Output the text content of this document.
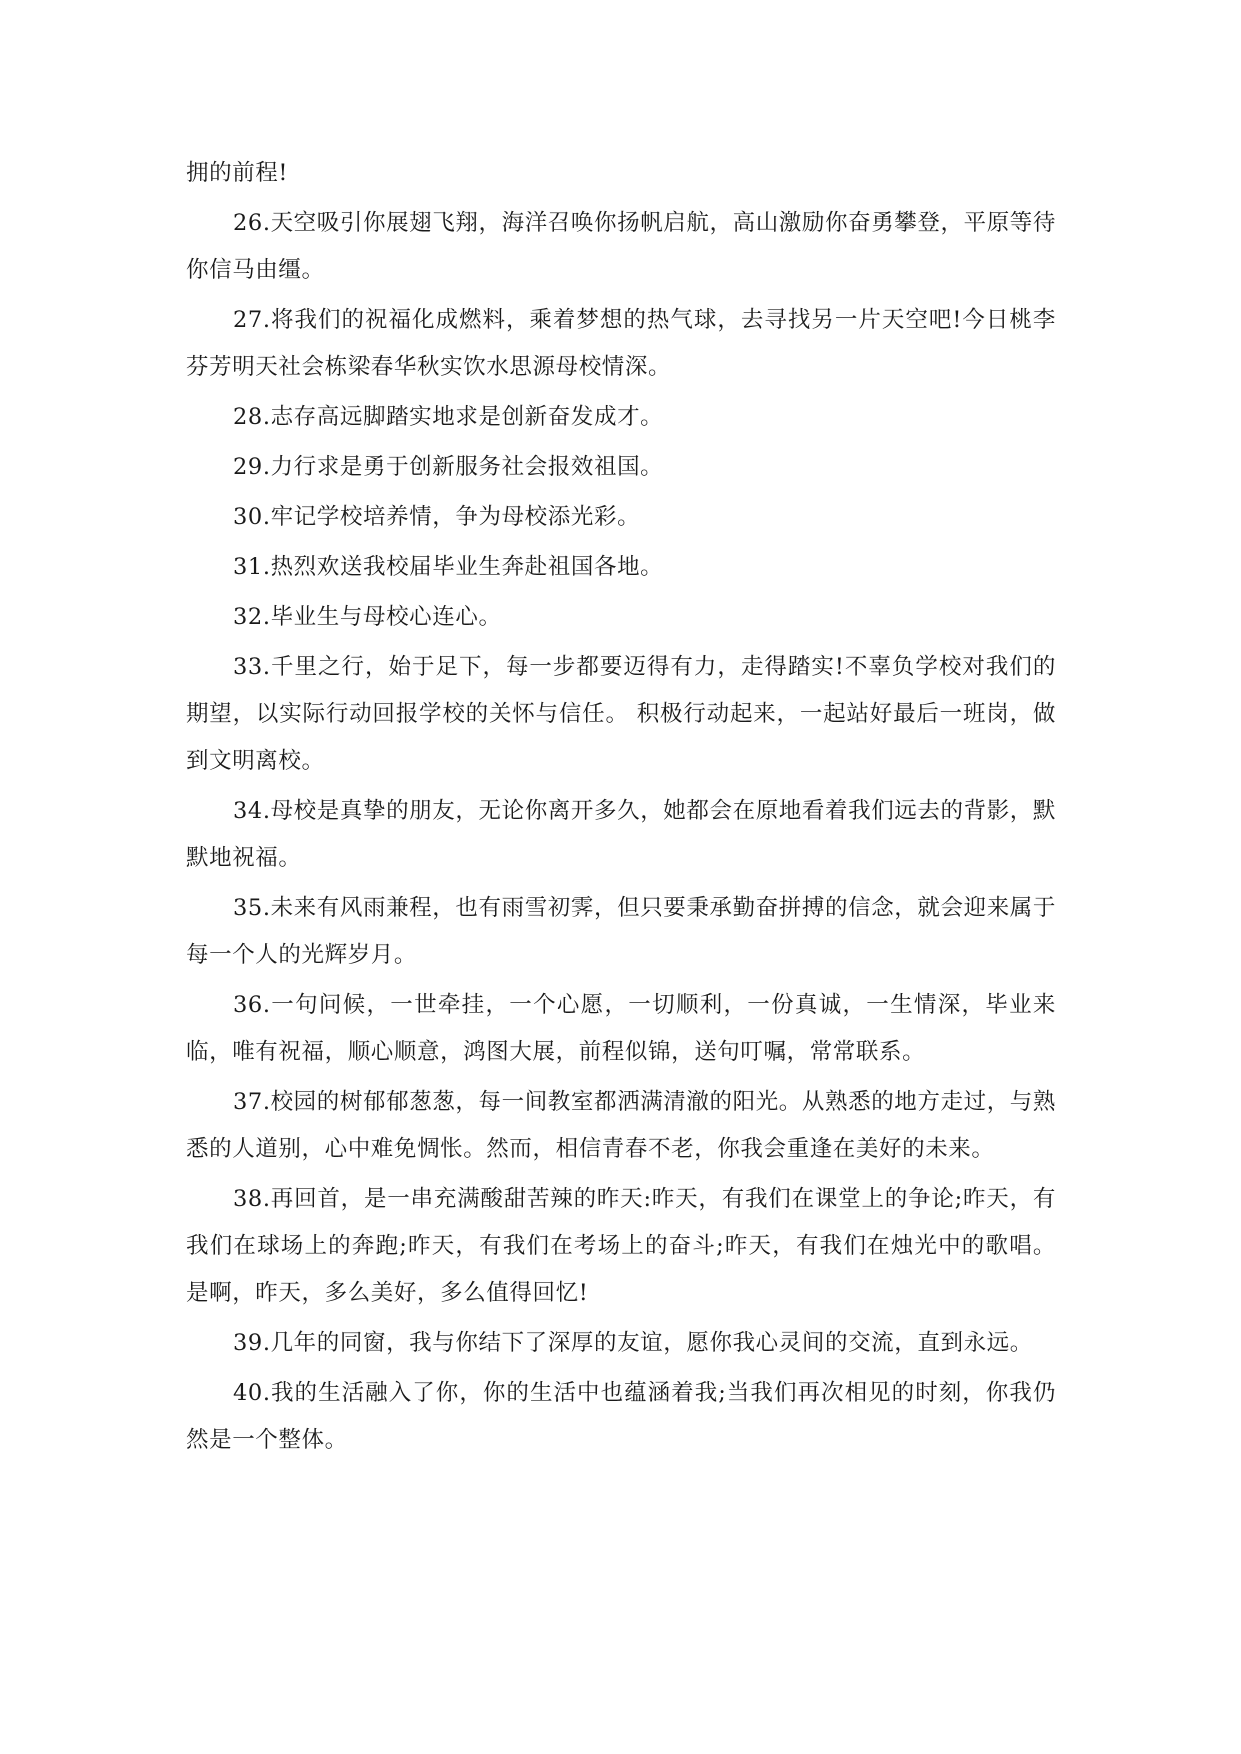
拥的前程!

26.天空吸引你展翅飞翔，海洋召唤你扬帆启航，高山激励你奋勇攀登，平原等待你信马由缰。

27.将我们的祝福化成燃料，乘着梦想的热气球，去寻找另一片天空吧!今日桃李芬芳明天社会栋梁春华秋实饮水思源母校情深。

28.志存高远脚踏实地求是创新奋发成才。

29.力行求是勇于创新服务社会报效祖国。

30.牢记学校培养情，争为母校添光彩。

31.热烈欢送我校届毕业生奔赴祖国各地。

32.毕业生与母校心连心。

33.千里之行，始于足下，每一步都要迈得有力，走得踏实!不辜负学校对我们的期望，以实际行动回报学校的关怀与信任。 积极行动起来，一起站好最后一班岗，做到文明离校。

34.母校是真挚的朋友，无论你离开多久，她都会在原地看着我们远去的背影，默默地祝福。

35.未来有风雨兼程，也有雨雪初霁，但只要秉承勤奋拼搏的信念，就会迎来属于每一个人的光辉岁月。

36.一句问候，一世牵挂，一个心愿，一切顺利，一份真诚，一生情深，毕业来临，唯有祝福，顺心顺意，鸿图大展，前程似锦，送句叮嘱，常常联系。

37.校园的树郁郁葱葱，每一间教室都洒满清澈的阳光。从熟悉的地方走过，与熟悉的人道别，心中难免惆怅。然而，相信青春不老，你我会重逢在美好的未来。

38.再回首，是一串充满酸甜苦辣的昨天:昨天，有我们在课堂上的争论;昨天，有我们在球场上的奔跑;昨天，有我们在考场上的奋斗;昨天，有我们在烛光中的歌唱。是啊，昨天，多么美好，多么值得回忆!

39.几年的同窗，我与你结下了深厚的友谊，愿你我心灵间的交流，直到永远。

40.我的生活融入了你，你的生活中也蕴涵着我;当我们再次相见的时刻，你我仍然是一个整体。
